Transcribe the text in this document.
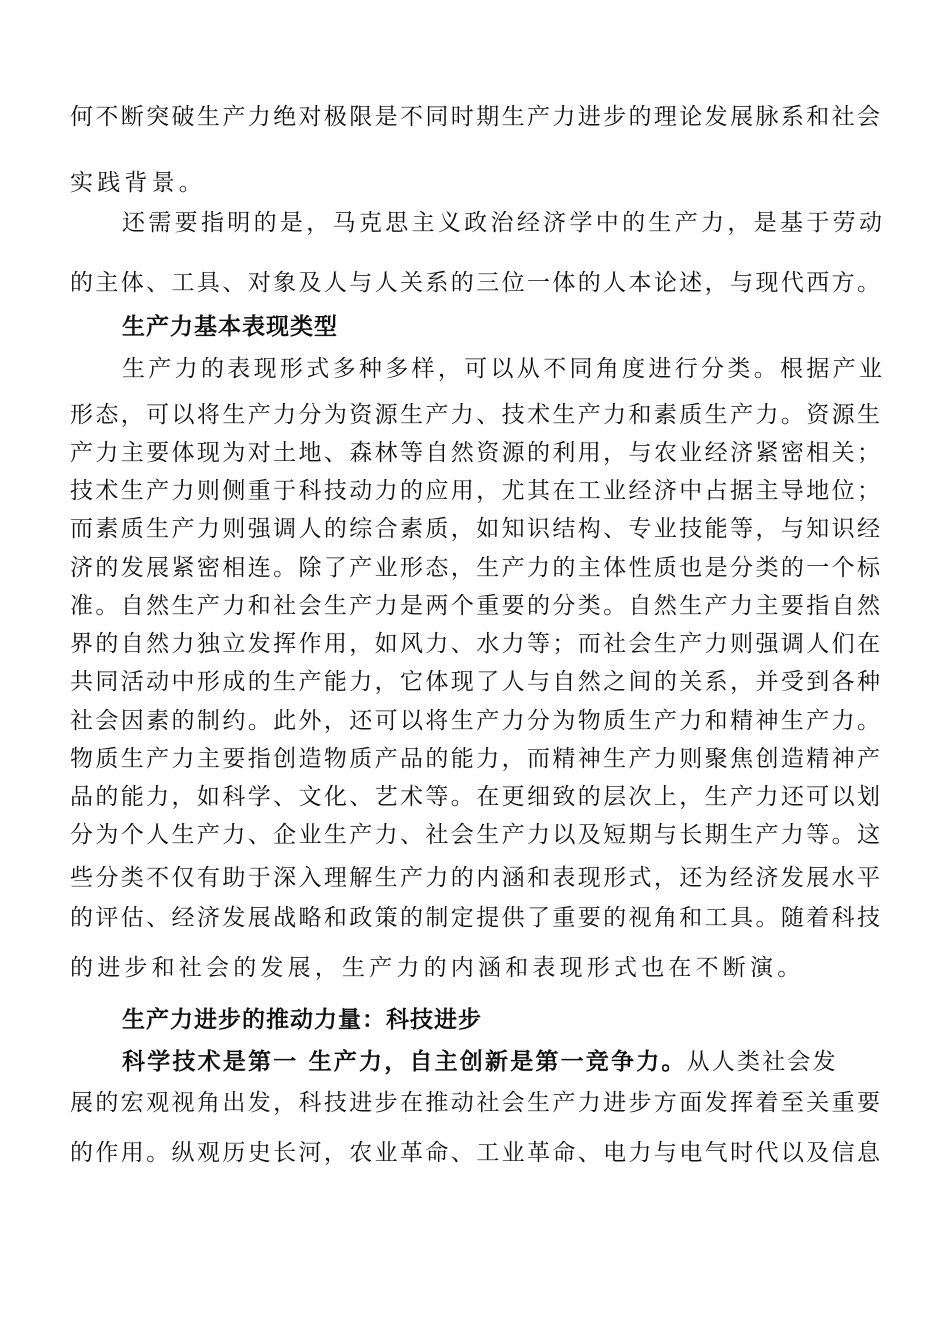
何不断突破生产力绝对极限是不同时期生产力进步的理论发展脉系和社会
实践背景。
还需要指明的是，马克思主义政治经济学中的生产力，是基于劳动
的主体、工具、对象及人与人关系的三位一体的人本论述，与现代西方。
生产力基本表现类型
生产力的表现形式多种多样，可以从不同角度进行分类。根据产业
形态，可以将生产力分为资源生产力、技术生产力和素质生产力。资源生
产力主要体现为对土地、森林等自然资源的利用，与农业经济紧密相关；
技术生产力则侧重于科技动力的应用，尤其在工业经济中占据主导地位；
而素质生产力则强调人的综合素质，如知识结构、专业技能等，与知识经
济的发展紧密相连。除了产业形态，生产力的主体性质也是分类的一个标
准。自然生产力和社会生产力是两个重要的分类。自然生产力主要指自然
界的自然力独立发挥作用，如风力、水力等；而社会生产力则强调人们在
共同活动中形成的生产能力，它体现了人与自然之间的关系，并受到各种
社会因素的制约。此外，还可以将生产力分为物质生产力和精神生产力。
物质生产力主要指创造物质产品的能力，而精神生产力则聚焦创造精神产
品的能力，如科学、文化、艺术等。在更细致的层次上，生产力还可以划
分为个人生产力、企业生产力、社会生产力以及短期与长期生产力等。这
些分类不仅有助于深入理解生产力的内涵和表现形式，还为经济发展水平
的评估、经济发展战略和政策的制定提供了重要的视角和工具。随着科技
的进步和社会的发展，生产力的内涵和表现形式也在不断演。
生产力进步的推动力量：科技进步
科学技术是第一 生产力，自主创新是第一竞争力。从人类社会发
展的宏观视角出发，科技进步在推动社会生产力进步方面发挥着至关重要
的作用。纵观历史长河，农业革命、工业革命、电力与电气时代以及信息
